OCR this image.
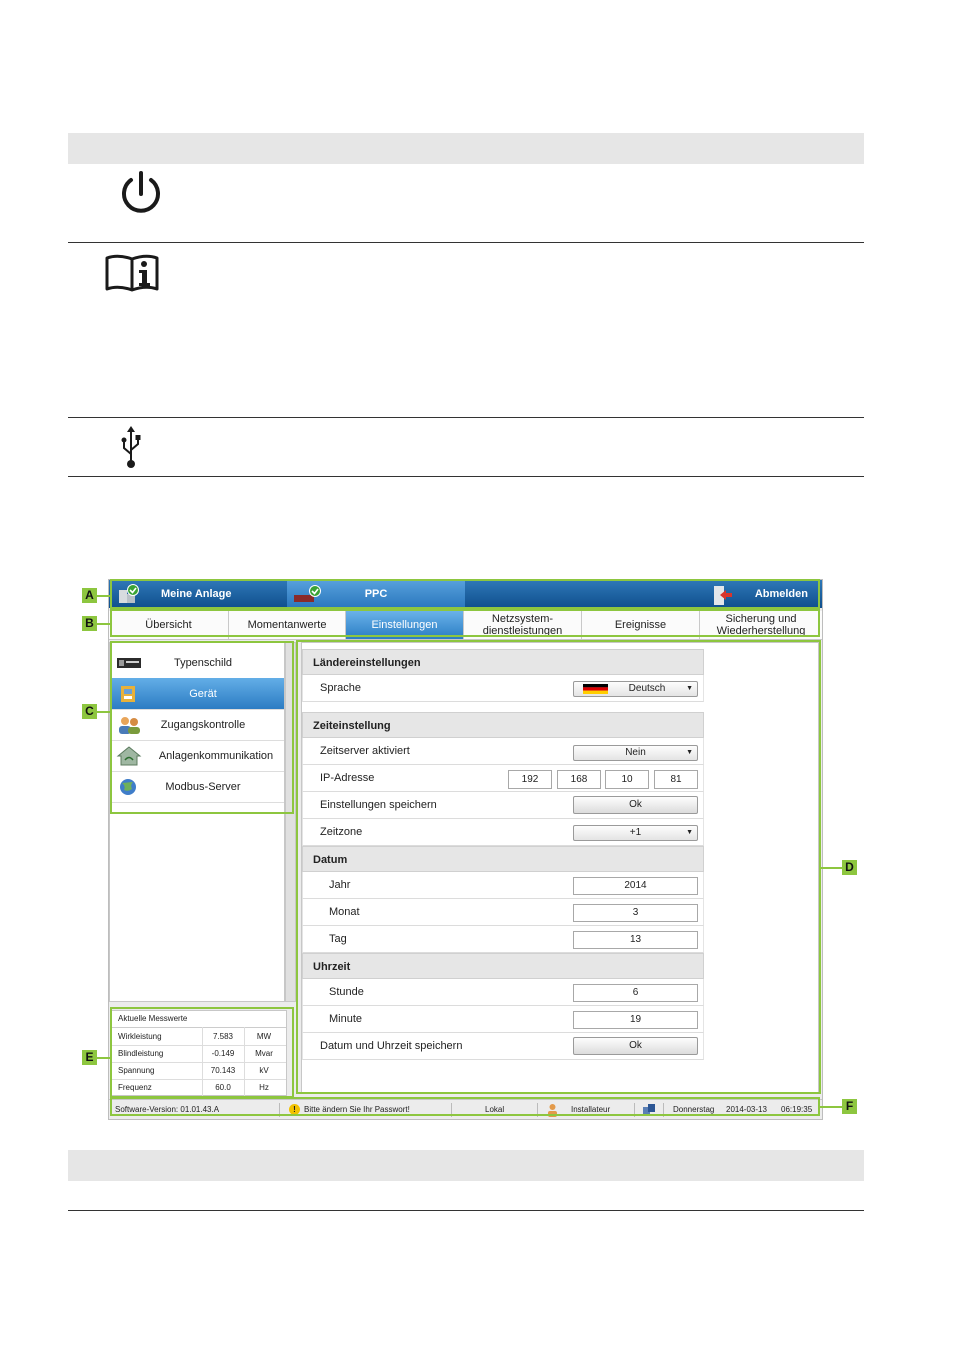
Meine Anlage	PPC	Abmelden
Übersicht	Momentanwerte	Einstellungen	Netzsystem-
dienstleistungen	Ereignisse	Sicherung und
Wiederherstellung
Typenschild
Gerät
Zugangskontrolle
Anlagenkommunikation
Modbus-Server
Aktuelle Messwerte
Wirkleistung	7.583	MW
Blindleistung	-0.149	Mvar
Spannung	70.143	kV
Frequenz	60.0	Hz
Ländereinstellungen
Sprache	Deutsch	▼
Zeiteinstellung
Zeitserver aktiviert	Nein	▼
IP-Adresse	192	168	10	81
Einstellungen speichern	Ok
Zeitzone	+1	▼
Datum
Jahr	2014
Monat	3
Tag	13
Uhrzeit
Stunde	6
Minute	19
Datum und Uhrzeit speichern	Ok
Software-Version: 01.01.43.A	!	Bitte ändern Sie Ihr Passwort!	Lokal	Installateur	Donnerstag 2014-03-13 06:19:35
A
B
C
D
E
F
